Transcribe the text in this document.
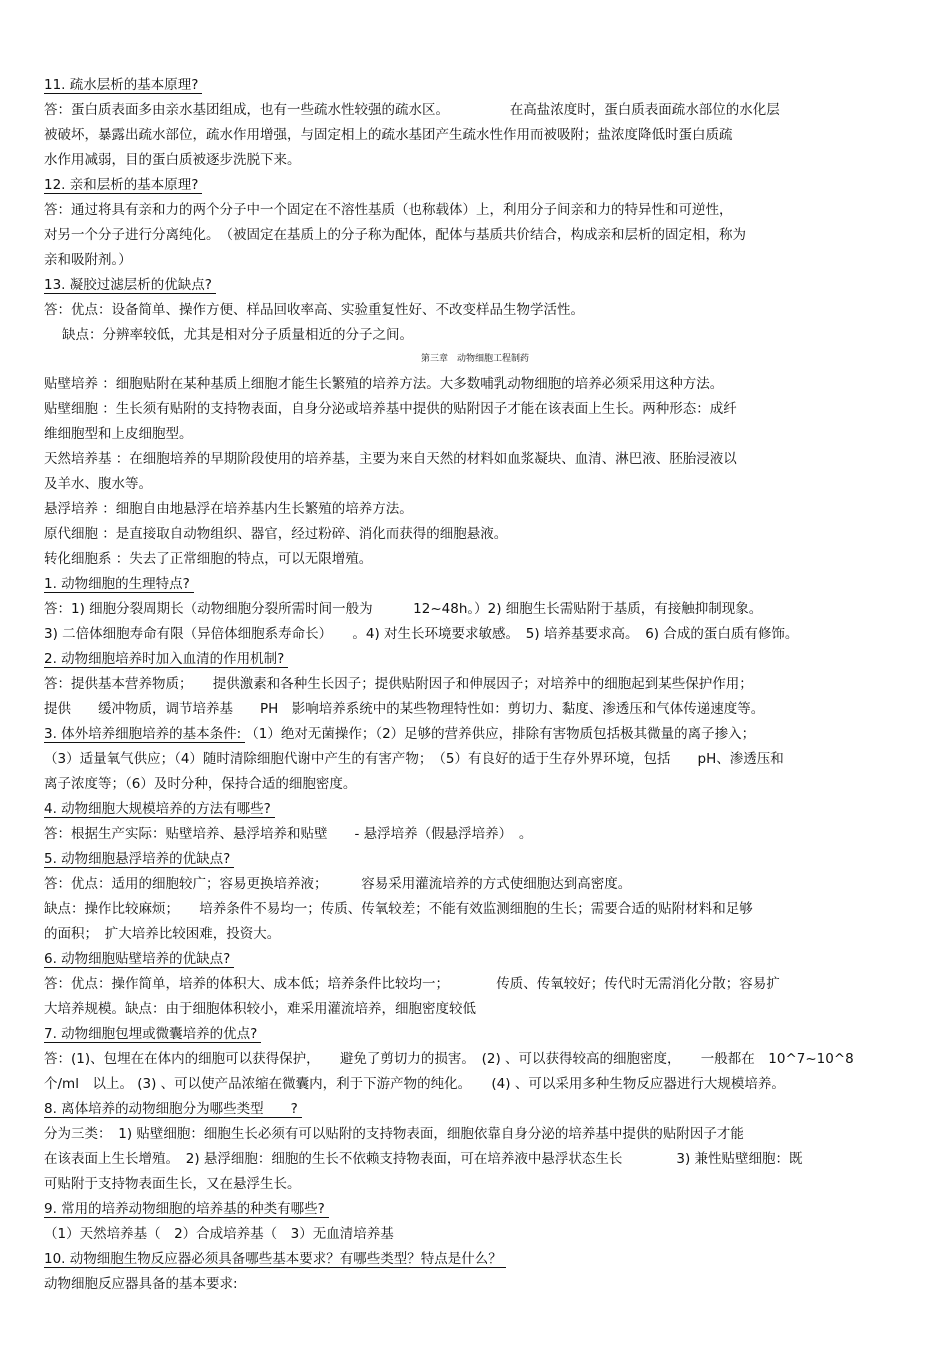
11. 疏水层析的基本原理?
答：蛋白质表面多由亲水基团组成，也有一些疏水性较强的疏水区。　　　　　在高盐浓度时，蛋白质表面疏水部位的水化层
被破坏，暴露出疏水部位，疏水作用增强，与固定相上的疏水基团产生疏水性作用而被吸附；盐浓度降低时蛋白质疏
水作用减弱，目的蛋白质被逐步洗脱下来。
12. 亲和层析的基本原理?
答：通过将具有亲和力的两个分子中一个固定在不溶性基质（也称载体）上，利用分子间亲和力的特异性和可逆性，
对另一个分子进行分离纯化。　（被固定在基质上的分子称为配体，配体与基质共价结合，构成亲和层析的固定相，称为
亲和吸附剂。）
13. 凝胶过滤层析的优缺点?
答：优点：设备简单、操作方便、样品回收率高、实验重复性好、不改变样品生物学活性。
缺点：分辨率较低，尤其是相对分子质量相近的分子之间。
第三章　动物细胞工程制药
贴壁培养 ：细胞贴附在某种基质上细胞才能生长繁殖的培养方法。大多数哺乳动物细胞的培养必须采用这种方法。
贴壁细胞 ：生长须有贴附的支持物表面，自身分泌或培养基中提供的贴附因子才能在该表面上生长。两种形态：成纤
维细胞型和上皮细胞型。
天然培养基 ：在细胞培养的早期阶段使用的培养基，主要为来自天然的材料如血浆凝块、血清、淋巴液、胚胎浸液以
及羊水、腹水等。
悬浮培养 ：细胞自由地悬浮在培养基内生长繁殖的培养方法。
原代细胞 ：是直接取自动物组织、器官，经过粉碎、消化而获得的细胞悬液。
转化细胞系 ：失去了正常细胞的特点，可以无限增殖。
1. 动物细胞的生理特点?
答：1) 细胞分裂周期长（动物细胞分裂所需时间一般为　　　12~48h。）2) 细胞生长需贴附于基质，有接触抑制现象。
3) 二倍体细胞寿命有限（异倍体细胞系寿命长）　　。4) 对生长环境要求敏感。　5) 培养基要求高。　6) 合成的蛋白质有修饰。
2. 动物细胞培养时加入血清的作用机制?
答：提供基本营养物质；　　提供激素和各种生长因子；提供贴附因子和伸展因子；对培养中的细胞起到某些保护作用；
提供　　缓冲物质，调节培养基　　PH　影响培养系统中的某些物理特性如：剪切力、黏度、渗透压和气体传递速度等。
3. 体外培养细胞培养的基本条件: （1）绝对无菌操作；（2）足够的营养供应，排除有害物质包括极其微量的离子掺入；
（3）适量氧气供应；（4）随时清除细胞代谢中产生的有害产物；　（5）有良好的适于生存外界环境，包括　　pH、渗透压和
离子浓度等；（6）及时分种，保持合适的细胞密度。
4. 动物细胞大规模培养的方法有哪些?
答：根据生产实际：贴壁培养、悬浮培养和贴壁　　- 悬浮培养（假悬浮培养）　。
5. 动物细胞悬浮培养的优缺点?
答：优点：适用的细胞较广；容易更换培养液；　　　容易采用灌流培养的方式使细胞达到高密度。
缺点：操作比较麻烦；　　培养条件不易均一；传质、传氧较差；不能有效监测细胞的生长；需要合适的贴附材料和足够
的面积；　扩大培养比较困难，投资大。
6. 动物细胞贴壁培养的优缺点?
答：优点：操作简单，培养的体积大、成本低；培养条件比较均一；　　　　传质、传氧较好；传代时无需消化分散；容易扩
大培养规模。缺点：由于细胞体积较小，难采用灌流培养，细胞密度较低
7. 动物细胞包埋或微囊培养的优点?
答：(1)、包埋在在体内的细胞可以获得保护，　　避免了剪切力的损害。　(2) 、可以获得较高的细胞密度，　　一般都在　10^7~10^8
个/ml　以上。 (3) 、可以使产品浓缩在微囊内，利于下游产物的纯化。　　(4) 、可以采用多种生物反应器进行大规模培养。
8. 离体培养的动物细胞分为哪些类型　　?
分为三类：　1) 贴壁细胞：细胞生长必须有可以贴附的支持物表面，细胞依靠自身分泌的培养基中提供的贴附因子才能
在该表面上生长增殖。　2) 悬浮细胞：细胞的生长不依赖支持物表面，可在培养液中悬浮状态生长　　　　3) 兼性贴壁细胞：既
可贴附于支持物表面生长，又在悬浮生长。
9. 常用的培养动物细胞的培养基的种类有哪些?
（1）天然培养基（　2）合成培养基（　3）无血清培养基
10. 动物细胞生物反应器必须具备哪些基本要求？有哪些类型？特点是什么？
动物细胞反应器具备的基本要求:
